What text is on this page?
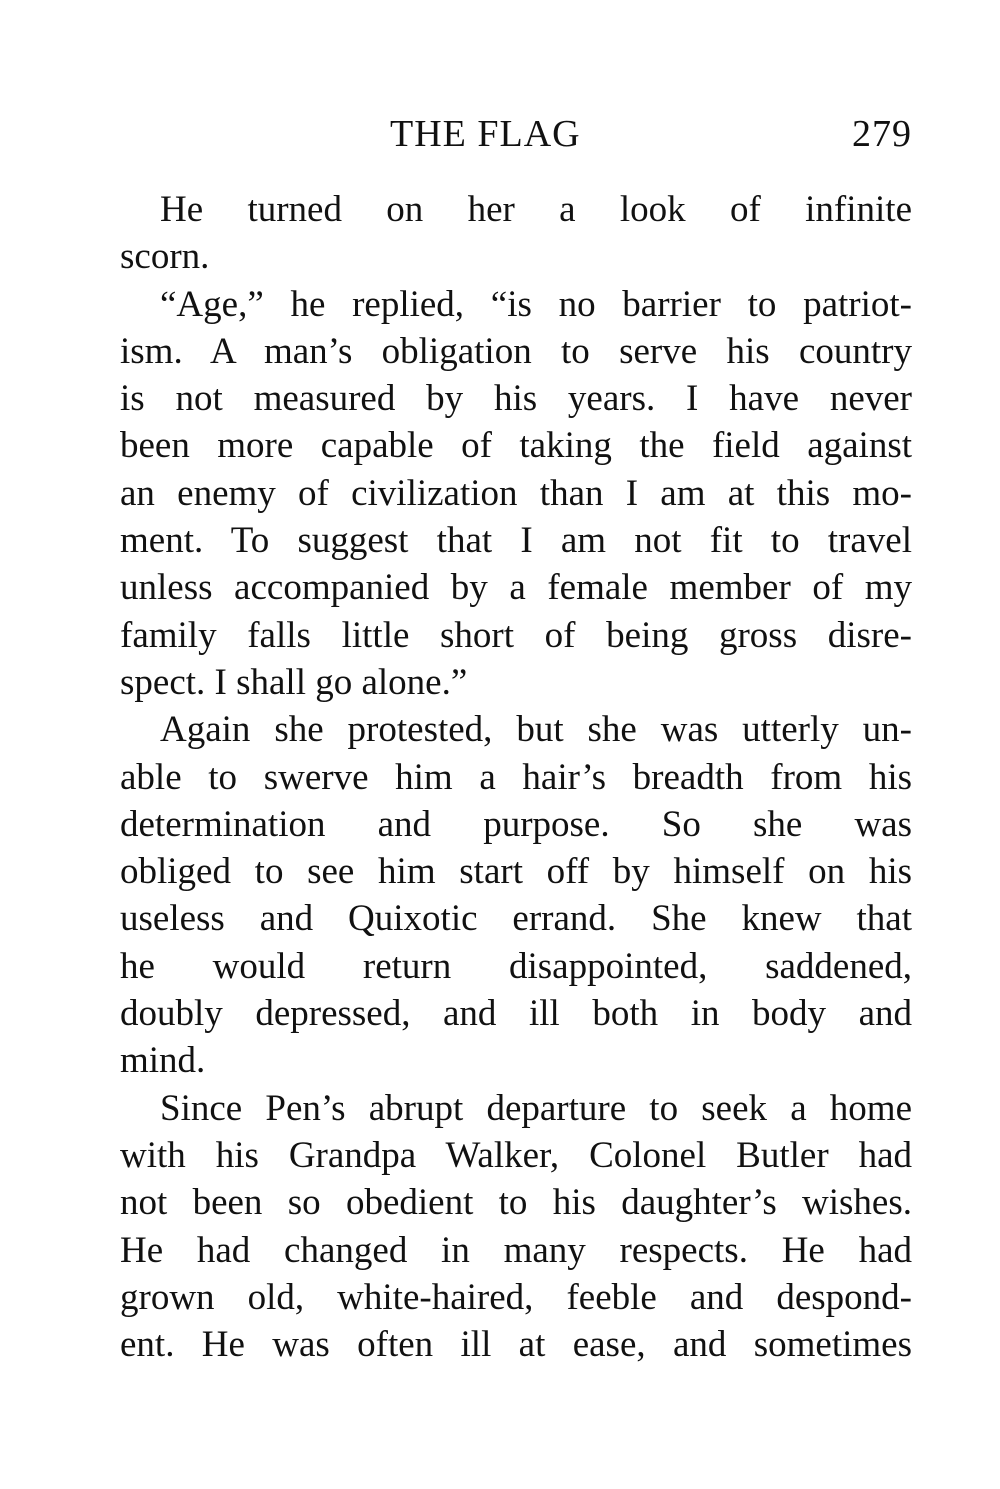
THE FLAG	279
He turned on her a look of infinite
scorn.
“Age,” he replied, “is no barrier to patriot-
ism. A man’s obligation to serve his country
is not measured by his years. I have never
been more capable of taking the field against
an enemy of civilization than I am at this mo-
ment. To suggest that I am not fit to travel
unless accompanied by a female member of my
family falls little short of being gross disre-
spect. I shall go alone.”
Again she protested, but she was utterly un-
able to swerve him a hair’s breadth from his
determination and purpose. So she was
obliged to see him start off by himself on his
useless and Quixotic errand. She knew that
he would return disappointed, saddened,
doubly depressed, and ill both in body and
mind.
Since Pen’s abrupt departure to seek a home
with his Grandpa Walker, Colonel Butler had
not been so obedient to his daughter’s wishes.
He had changed in many respects. He had
grown old, white-haired, feeble and despond-
ent. He was often ill at ease, and sometimes
